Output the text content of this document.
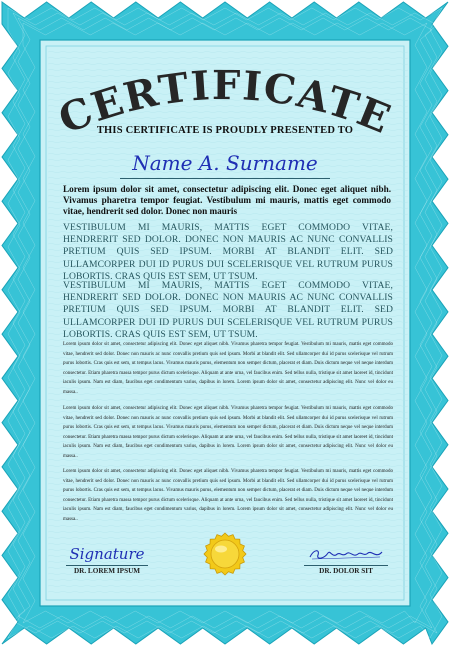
CERTIFICATE
THIS CERTIFICATE IS PROUDLY PRESENTED TO
Name A. Surname
Lorem ipsum dolor sit amet, consectetur adipiscing elit. Donec eget aliquet nibh. Vivamus pharetra tempor feugiat. Vestibulum mi mauris, mattis eget commodo vitae, hendrerit sed dolor. Donec non mauris
VESTIBULUM MI MAURIS, MATTIS EGET COMMODO VITAE, HENDRERIT SED DOLOR. DONEC NON MAURIS AC NUNC CONVALLIS PRETIUM QUIS SED IPSUM. MORBI AT BLANDIT ELIT. SED ULLAMCORPER DUI ID PURUS DUI SCELERISQUE VEL RUTRUM PURUS LOBORTIS. CRAS QUIS EST SEM, UT TSUM.
VESTIBULUM MI MAURIS, MATTIS EGET COMMODO VITAE, HENDRERIT SED DOLOR. DONEC NON MAURIS AC NUNC CONVALLIS PRETIUM QUIS SED IPSUM. MORBI AT BLANDIT ELIT. SED ULLAMCORPER DUI ID PURUS DUI SCELERISQUE VEL RUTRUM PURUS LOBORTIS. CRAS QUIS EST SEM, UT TSUM.
Lorem ipsum dolor sit amet, consectetur adipiscing elit. Donec eget aliquet nibh. Vivamus pharetra tempor feugiat. Vestibulum mi mauris, mattis eget commodo vitae, hendrerit sed dolor. Donec non mauris ac nunc convallis pretium quis sed ipsum. Morbi at blandit elit. Sed ullamcorper dui id purus scelerisque vel rutrum purus lobortis. Cras quis est sem, ut tempus lacus. Vivamus mauris purus, elementum non semper dictum, placerat et diam. Duis dictum neque vel neque interdum consectetur. Etiam pharetra massa tempor purus dictum scelerisque. Aliquam at ante urna, vel faucibus enim. Sed tellus nulla, tristique sit amet laoreet id, tincidunt iaculis ipsum. Nam est diam, faucibus eget condimentum varius, dapibus in lorem. Lorem ipsum dolor sit amet, consectetur adipiscing elit. Nunc vel dolor eu massa..
Lorem ipsum dolor sit amet, consectetur adipiscing elit. Donec eget aliquet nibh. Vivamus pharetra tempor feugiat. Vestibulum mi mauris, mattis eget commodo vitae, hendrerit sed dolor. Donec non mauris ac nunc convallis pretium quis sed ipsum. Morbi at blandit elit. Sed ullamcorper dui id purus scelerisque vel rutrum purus lobortis. Cras quis est sem, ut tempus lacus. Vivamus mauris purus, elementum non semper dictum, placerat et diam. Duis dictum neque vel neque interdum consectetur. Etiam pharetra massa tempor purus dictum scelerisque. Aliquam at ante urna, vel faucibus enim. Sed tellus nulla, tristique sit amet laoreet id, tincidunt iaculis ipsum. Nam est diam, faucibus eget condimentum varius, dapibus in lorem. Lorem ipsum dolor sit amet, consectetur adipiscing elit. Nunc vel dolor eu massa..
Lorem ipsum dolor sit amet, consectetur adipiscing elit. Donec eget aliquet nibh. Vivamus pharetra tempor feugiat. Vestibulum mi mauris, mattis eget commodo vitae, hendrerit sed dolor. Donec non mauris ac nunc convallis pretium quis sed ipsum. Morbi at blandit elit. Sed ullamcorper dui id purus scelerisque vel rutrum purus lobortis. Cras quis est sem, ut tempus lacus. Vivamus mauris purus, elementum non semper dictum, placerat et diam. Duis dictum neque vel neque interdum consectetur. Etiam pharetra massa tempor purus dictum scelerisque. Aliquam at ante urna, vel faucibus enim. Sed tellus nulla, tristique sit amet laoreet id, tincidunt iaculis ipsum. Nam est diam, faucibus eget condimentum varius, dapibus in lorem. Lorem ipsum dolor sit amet, consectetur adipiscing elit. Nunc vel dolor eu massa..
Signature
DR. LOREM IPSUM	DR. DOLOR SIT
